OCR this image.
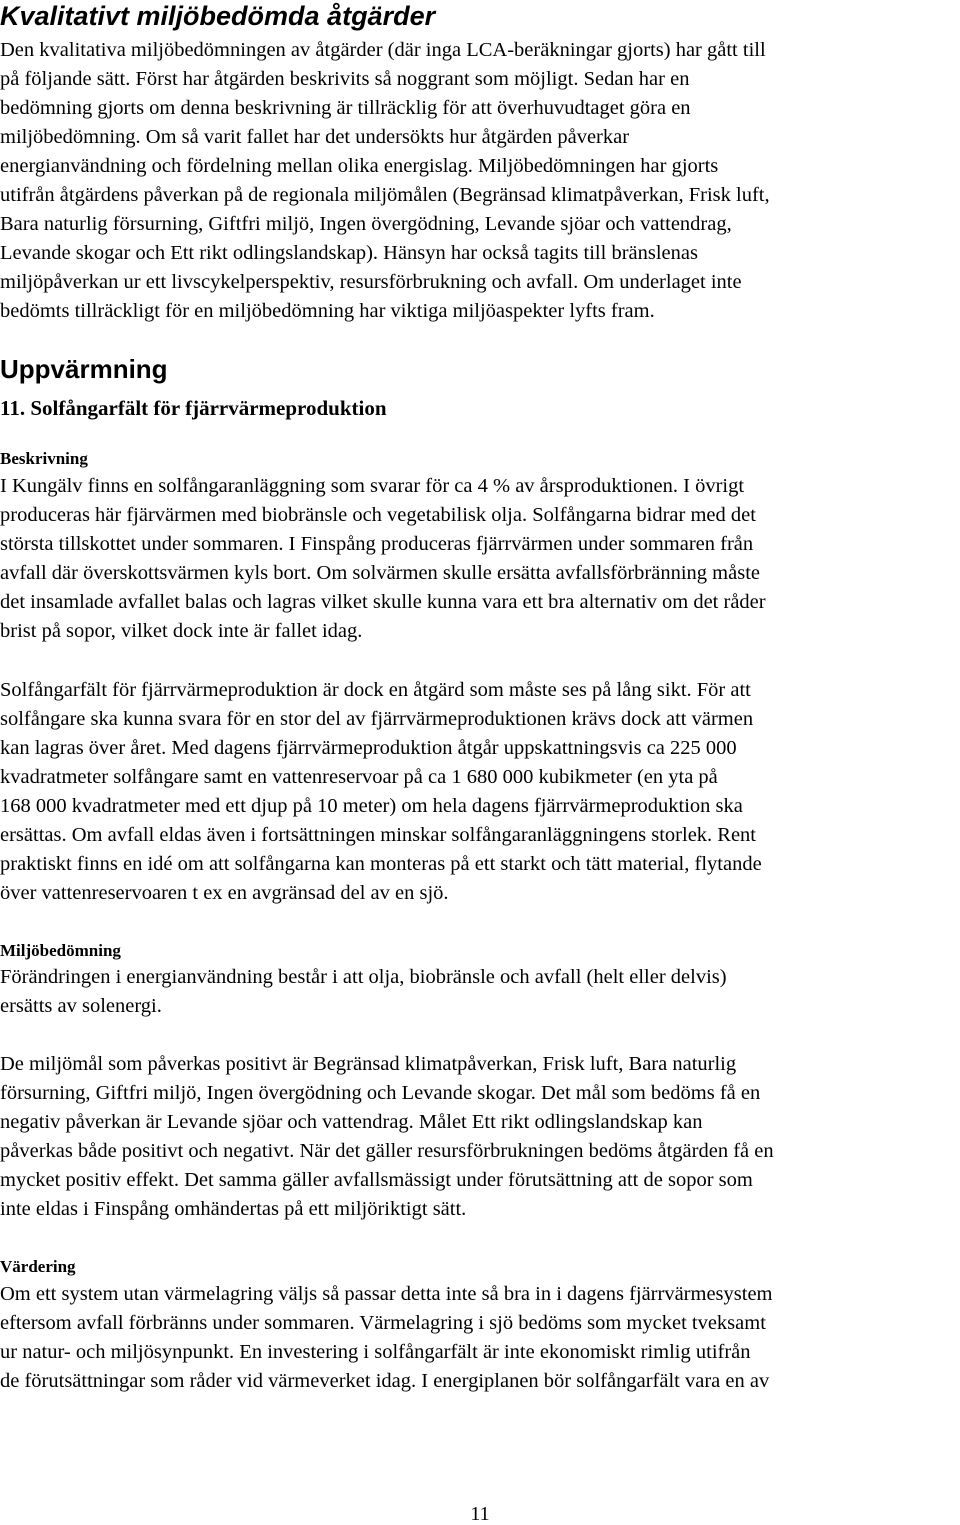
Kvalitativt miljöbedömda åtgärder
Den kvalitativa miljöbedömningen av åtgärder (där inga LCA-beräkningar gjorts) har gått till
på följande sätt. Först har åtgärden beskrivits så noggrant som möjligt. Sedan har en
bedömning gjorts om denna beskrivning är tillräcklig för att överhuvudtaget göra en
miljöbedömning. Om så varit fallet har det undersökts hur åtgärden påverkar
energianvändning och fördelning mellan olika energislag. Miljöbedömningen har gjorts
utifrån åtgärdens påverkan på de regionala miljömålen (Begränsad klimatpåverkan, Frisk luft,
Bara naturlig försurning, Giftfri miljö, Ingen övergödning, Levande sjöar och vattendrag,
Levande skogar och Ett rikt odlingslandskap). Hänsyn har också tagits till bränslenas
miljöpåverkan ur ett livscykelperspektiv, resursförbrukning och avfall. Om underlaget inte
bedömts tillräckligt för en miljöbedömning har viktiga miljöaspekter lyfts fram.
Uppvärmning
11. Solfångarfält för fjärrvärmeproduktion
Beskrivning
I Kungälv finns en solfångaranläggning som svarar för ca 4 % av årsproduktionen. I övrigt
produceras här fjärvärmen med biobränsle och vegetabilisk olja. Solfångarna bidrar med det
största tillskottet under sommaren. I Finspång produceras fjärrvärmen under sommaren från
avfall där överskottsvärmen kyls bort. Om solvärmen skulle ersätta avfallsförbränning måste
det insamlade avfallet balas och lagras vilket skulle kunna vara ett bra alternativ om det råder
brist på sopor, vilket dock inte är fallet idag.
Solfångarfält för fjärrvärmeproduktion är dock en åtgärd som måste ses på lång sikt. För att
solfångare ska kunna svara för en stor del av fjärrvärmeproduktionen krävs dock att värmen
kan lagras över året. Med dagens fjärrvärmeproduktion åtgår uppskattningsvis ca 225 000
kvadratmeter solfångare samt en vattenreservoar på ca 1 680 000 kubikmeter (en yta på
168 000 kvadratmeter med ett djup på 10 meter) om hela dagens fjärrvärmeproduktion ska
ersättas. Om avfall eldas även i fortsättningen minskar solfångaranläggningens storlek. Rent
praktiskt finns en idé om att solfångarna kan monteras på ett starkt och tätt material, flytande
över vattenreservoaren t ex en avgränsad del av en sjö.
Miljöbedömning
Förändringen i energianvändning består i att olja, biobränsle och avfall (helt eller delvis)
ersätts av solenergi.
De miljömål som påverkas positivt är Begränsad klimatpåverkan, Frisk luft, Bara naturlig
försurning, Giftfri miljö, Ingen övergödning och Levande skogar. Det mål som bedöms få en
negativ påverkan är Levande sjöar och vattendrag. Målet Ett rikt odlingslandskap kan
påverkas både positivt och negativt. När det gäller resursförbrukningen bedöms åtgärden få en
mycket positiv effekt. Det samma gäller avfallsmässigt under förutsättning att de sopor som
inte eldas i Finspång omhändertas på ett miljöriktigt sätt.
Värdering
Om ett system utan värmelagring väljs så passar detta inte så bra in i dagens fjärrvärmesystem
eftersom avfall förbränns under sommaren. Värmelagring i sjö bedöms som mycket tveksamt
ur natur- och miljösynpunkt. En investering i solfångarfält är inte ekonomiskt rimlig utifrån
de förutsättningar som råder vid värmeverket idag. I energiplanen bör solfångarfält vara en av
11
